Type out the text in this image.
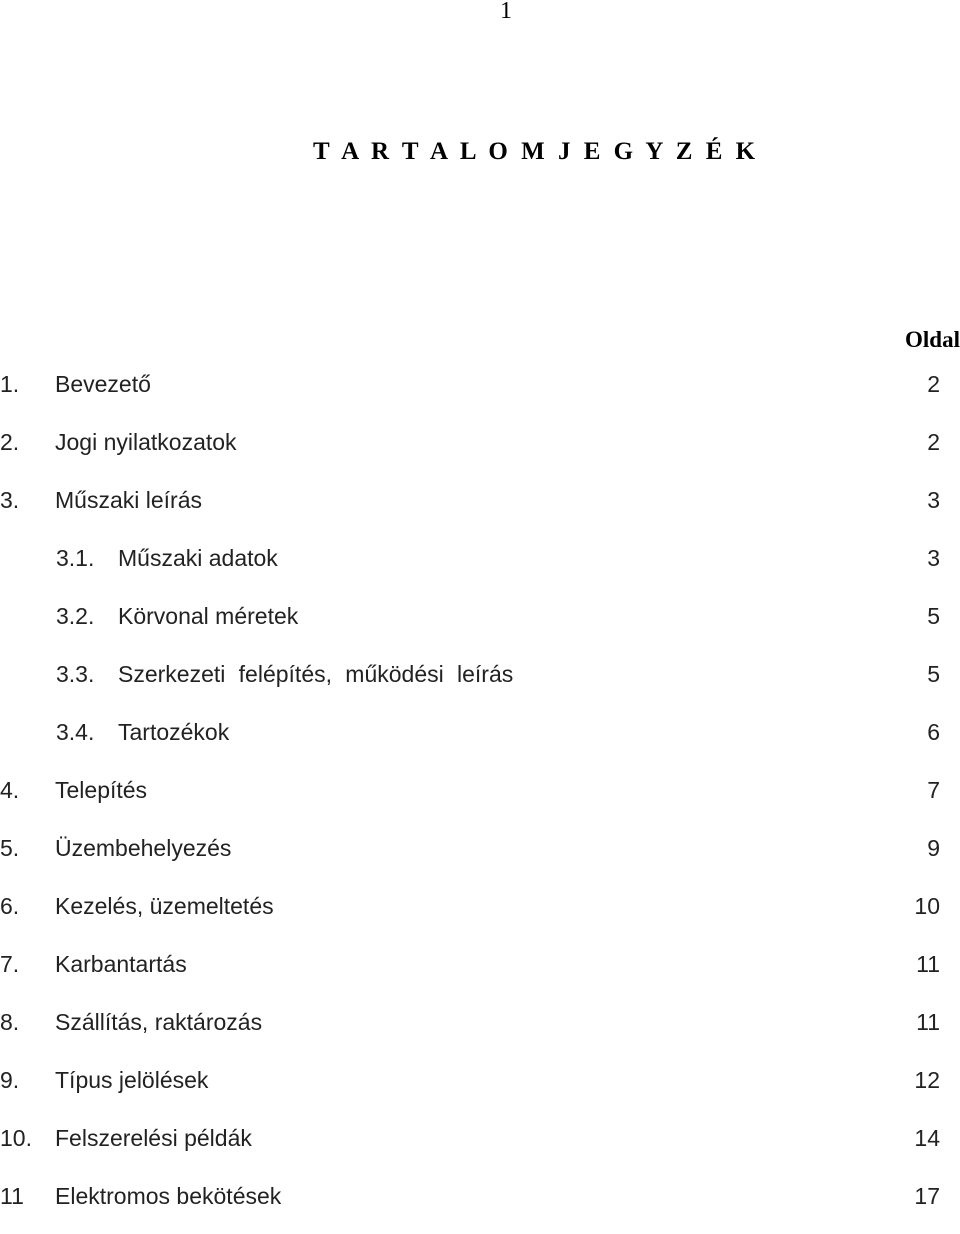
1
T A R T A L O M J E G Y Z É K
Oldal
1. Bevezető	2
2. Jogi nyilatkozatok	2
3. Műszaki leírás	3
3.1. Műszaki adatok	3
3.2. Körvonal méretek	5
3.3. Szerkezeti felépítés, működési leírás	5
3.4. Tartozékok	6
4. Telepítés	7
5. Üzembehelyezés	9
6. Kezelés, üzemeltetés	10
7. Karbantartás	11
8. Szállítás, raktározás	11
9. Típus jelölések	12
10. Felszerelési példák	14
11 Elektromos bekötések	17
